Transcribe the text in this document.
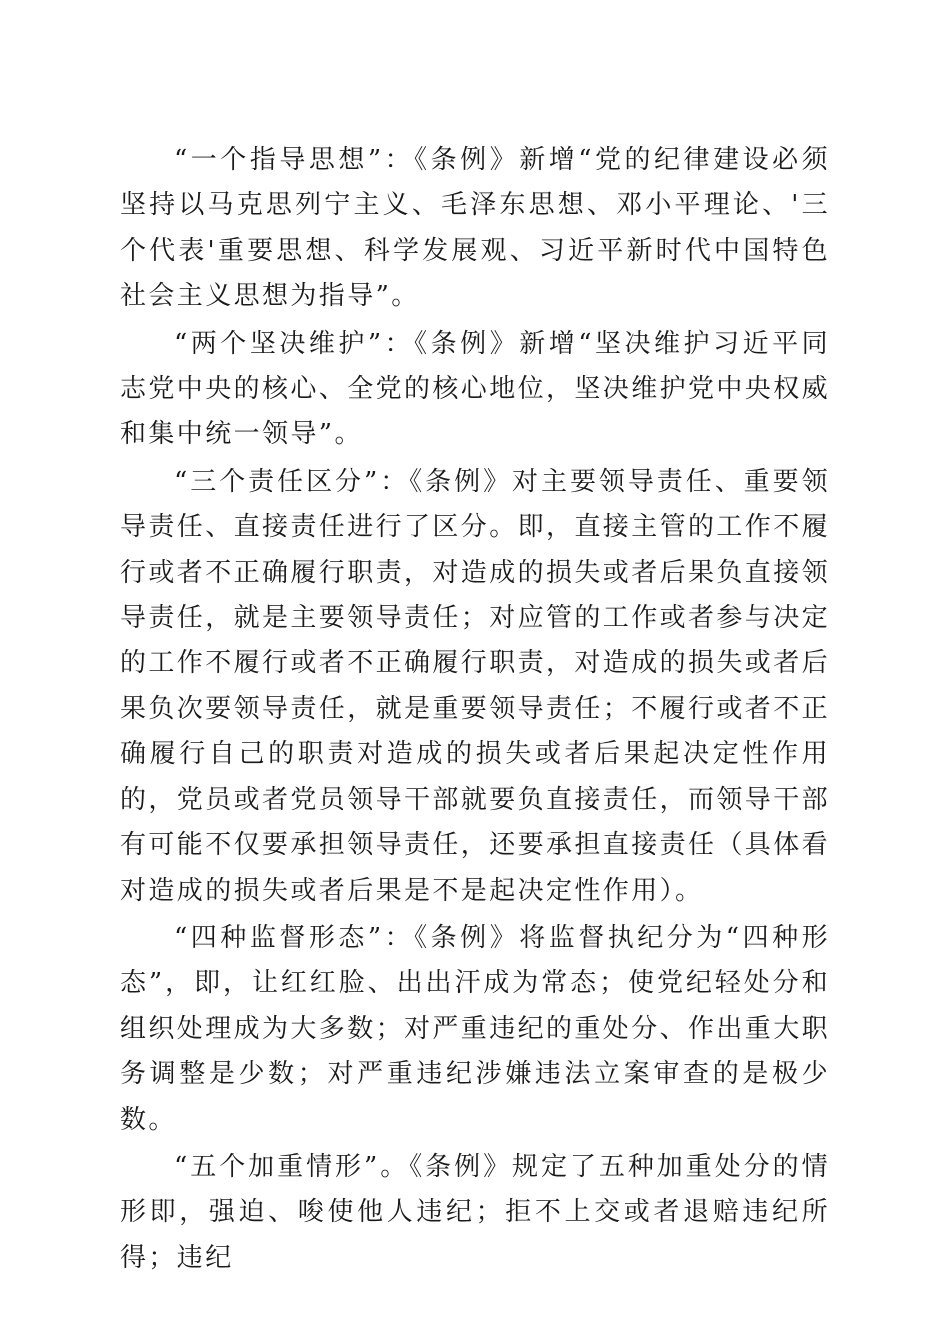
“一个指导思想”：《条例》新增“党的纪律建设必须坚持以马克思列宁主义、毛泽东思想、邓小平理论、'三个代表'重要思想、科学发展观、习近平新时代中国特色社会主义思想为指导”。

“两个坚决维护”：《条例》新增“坚决维护习近平同志党中央的核心、全党的核心地位，坚决维护党中央权威和集中统一领导”。

“三个责任区分”：《条例》对主要领导责任、重要领导责任、直接责任进行了区分。即，直接主管的工作不履行或者不正确履行职责，对造成的损失或者后果负直接领导责任，就是主要领导责任；对应管的工作或者参与决定的工作不履行或者不正确履行职责，对造成的损失或者后果负次要领导责任，就是重要领导责任；不履行或者不正确履行自己的职责对造成的损失或者后果起决定性作用的，党员或者党员领导干部就要负直接责任，而领导干部有可能不仅要承担领导责任，还要承担直接责任（具体看对造成的损失或者后果是不是起决定性作用）。

“四种监督形态”：《条例》将监督执纪分为“四种形态”，即，让红红脸、出出汗成为常态；使党纪轻处分和组织处理成为大多数；对严重违纪的重处分、作出重大职务调整是少数；对严重违纪涉嫌违法立案审查的是极少数。

“五个加重情形”。《条例》规定了五种加重处分的情形即，强迫、唆使他人违纪；拒不上交或者退赔违纪所得；违纪
